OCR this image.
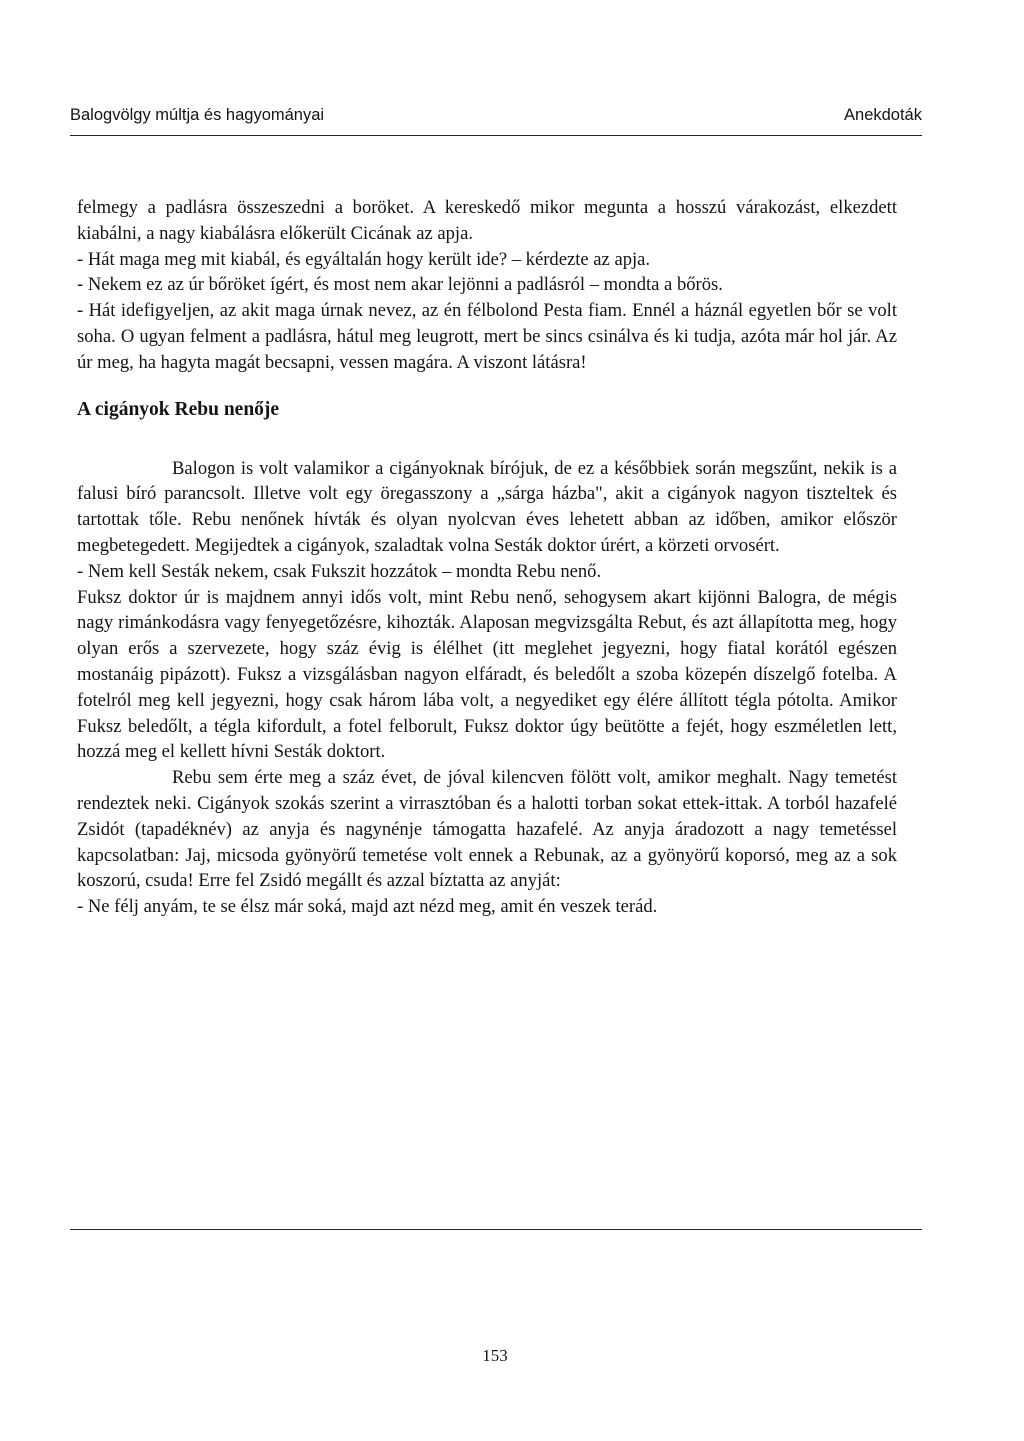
Balogvölgy múltja és hagyományai	Anekdoták

felmegy a padlásra összeszedni a boröket. A kereskedő mikor megunta a hosszú várakozást, elkezdett kiabálni, a nagy kiabálásra előkerült Cicának az apja.

- Hát maga meg mit kiabál, és egyáltalán hogy került ide? – kérdezte az apja.

- Nekem ez az úr bőröket ígért, és most nem akar lejönni a padlásról – mondta a bőrös.

- Hát idefigyeljen, az akit maga úrnak nevez, az én félbolond Pesta fiam. Ennél a háznál egyetlen bőr se volt soha. O ugyan felment a padlásra, hátul meg leugrott, mert be sincs csinálva és ki tudja, azóta már hol jár. Az úr meg, ha hagyta magát becsapni, vessen magára. A viszont látásra!

A cigányok Rebu nenője

Balogon is volt valamikor a cigányoknak bírójuk, de ez a későbbiek során megszűnt, nekik is a falusi bíró parancsolt. Illetve volt egy öregasszony a „sárga házba", akit a cigányok nagyon tiszteltek és tartottak tőle. Rebu nenőnek hívták és olyan nyolcvan éves lehetett abban az időben, amikor először megbetegedett. Megijedtek a cigányok, szaladtak volna Sesták doktor úrért, a körzeti orvosért.

- Nem kell Sesták nekem, csak Fukszit hozzátok – mondta Rebu nenő.

Fuksz doktor úr is majdnem annyi idős volt, mint Rebu nenő, sehogysem akart kijönni Balogra, de mégis nagy rimánkodásra vagy fenyegetőzésre, kihozták. Alaposan megvizsgálta Rebut, és azt állapította meg, hogy olyan erős a szervezete, hogy száz évig is élélhet (itt meglehet jegyezni, hogy fiatal korától egészen mostanáig pipázott). Fuksz a vizsgálásban nagyon elfáradt, és beledőlt a szoba közepén díszelgő fotelba. A fotelról meg kell jegyezni, hogy csak három lába volt, a negyediket egy élére állított tégla pótolta. Amikor Fuksz beledőlt, a tégla kifordult, a fotel felborult, Fuksz doktor úgy beütötte a fejét, hogy eszméletlen lett, hozzá meg el kellett hívni Sesták doktort.

Rebu sem érte meg a száz évet, de jóval kilencven fölött volt, amikor meghalt. Nagy temetést rendeztek neki. Cigányok szokás szerint a virrasztóban és a halotti torban sokat ettek-ittak. A torból hazafelé Zsidót (tapadéknév) az anyja és nagynénje támogatta hazafelé. Az anyja áradozott a nagy temetéssel kapcsolatban: Jaj, micsoda gyönyörű temetése volt ennek a Rebunak, az a gyönyörű koporsó, meg az a sok koszorú, csuda! Erre fel Zsidó megállt és azzal bíztatta az anyját:

- Ne félj anyám, te se élsz már soká, majd azt nézd meg, amit én veszek terád.

153
